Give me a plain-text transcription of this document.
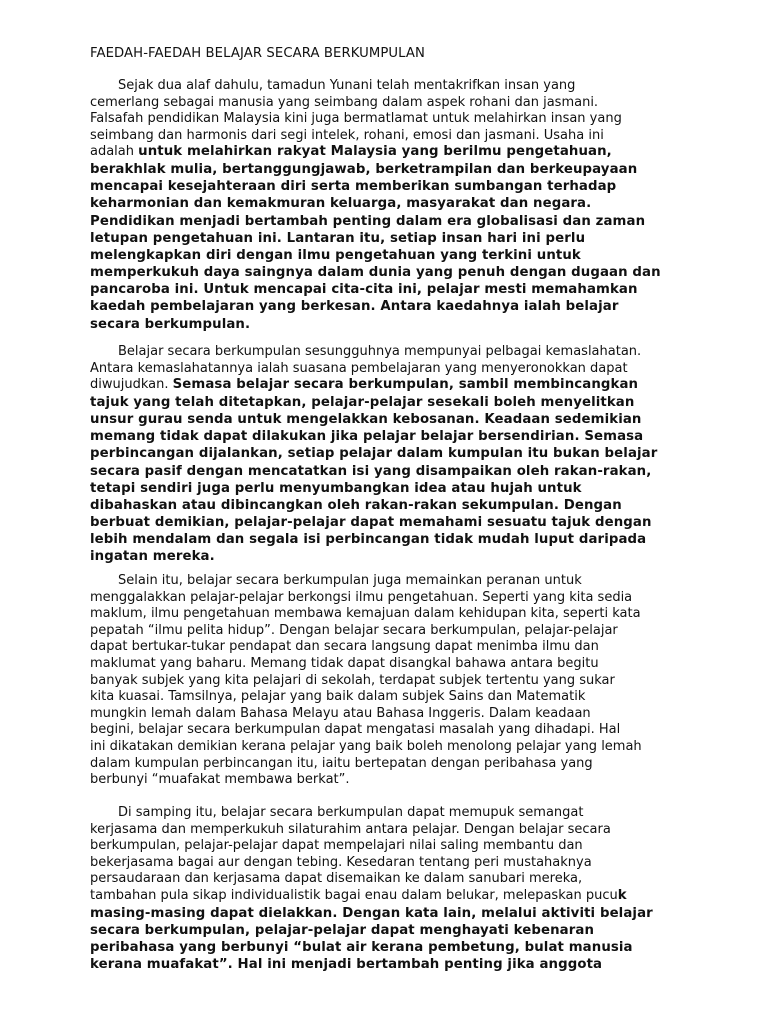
FAEDAH-FAEDAH BELAJAR SECARA BERKUMPULAN
Sejak dua alaf dahulu, tamadun Yunani telah mentakrifkan insan yang
cemerlang sebagai manusia yang seimbang dalam aspek rohani dan jasmani.
Falsafah pendidikan Malaysia kini juga bermatlamat untuk melahirkan insan yang
seimbang dan harmonis dari segi intelek, rohani, emosi dan jasmani. Usaha ini
adalah untuk melahirkan rakyat Malaysia yang berilmu pengetahuan,
berakhlak mulia, bertanggungjawab, berketrampilan dan berkeupayaan
mencapai kesejahteraan diri serta memberikan sumbangan terhadap
keharmonian dan kemakmuran keluarga, masyarakat dan negara.
Pendidikan menjadi bertambah penting dalam era globalisasi dan zaman
letupan pengetahuan ini. Lantaran itu, setiap insan hari ini perlu
melengkapkan diri dengan ilmu pengetahuan yang terkini untuk
memperkukuh daya saingnya dalam dunia yang penuh dengan dugaan dan
pancaroba ini. Untuk mencapai cita-cita ini, pelajar mesti memahamkan
kaedah pembelajaran yang berkesan. Antara kaedahnya ialah belajar
secara berkumpulan.
Belajar secara berkumpulan sesungguhnya mempunyai pelbagai kemaslahatan.
Antara kemaslahatannya ialah suasana pembelajaran yang menyeronokkan dapat
diwujudkan. Semasa belajar secara berkumpulan, sambil membincangkan
tajuk yang telah ditetapkan, pelajar-pelajar sesekali boleh menyelitkan
unsur gurau senda untuk mengelakkan kebosanan. Keadaan sedemikian
memang tidak dapat dilakukan jika pelajar belajar bersendirian. Semasa
perbincangan dijalankan, setiap pelajar dalam kumpulan itu bukan belajar
secara pasif dengan mencatatkan isi yang disampaikan oleh rakan-rakan,
tetapi sendiri juga perlu menyumbangkan idea atau hujah untuk
dibahaskan atau dibincangkan oleh rakan-rakan sekumpulan. Dengan
berbuat demikian, pelajar-pelajar dapat memahami sesuatu tajuk dengan
lebih mendalam dan segala isi perbincangan tidak mudah luput daripada
ingatan mereka.
Selain itu, belajar secara berkumpulan juga memainkan peranan untuk
menggalakkan pelajar-pelajar berkongsi ilmu pengetahuan. Seperti yang kita sedia
maklum, ilmu pengetahuan membawa kemajuan dalam kehidupan kita, seperti kata
pepatah “ilmu pelita hidup”. Dengan belajar secara berkumpulan, pelajar-pelajar
dapat bertukar-tukar pendapat dan secara langsung dapat menimba ilmu dan
maklumat yang baharu. Memang tidak dapat disangkal bahawa antara begitu
banyak subjek yang kita pelajari di sekolah, terdapat subjek tertentu yang sukar
kita kuasai. Tamsilnya, pelajar yang baik dalam subjek Sains dan Matematik
mungkin lemah dalam Bahasa Melayu atau Bahasa Inggeris. Dalam keadaan
begini, belajar secara berkumpulan dapat mengatasi masalah yang dihadapi. Hal
ini dikatakan demikian kerana pelajar yang baik boleh menolong pelajar yang lemah
dalam kumpulan perbincangan itu, iaitu bertepatan dengan peribahasa yang
berbunyi “muafakat membawa berkat”.
Di samping itu, belajar secara berkumpulan dapat memupuk semangat
kerjasama dan memperkukuh silaturahim antara pelajar. Dengan belajar secara
berkumpulan, pelajar-pelajar dapat mempelajari nilai saling membantu dan
bekerjasama bagai aur dengan tebing. Kesedaran tentang peri mustahaknya
persaudaraan dan kerjasama dapat disemaikan ke dalam sanubari mereka,
tambahan pula sikap individualistik bagai enau dalam belukar, melepaskan pucuk
masing-masing dapat dielakkan. Dengan kata lain, melalui aktiviti belajar
secara berkumpulan, pelajar-pelajar dapat menghayati kebenaran
peribahasa yang berbunyi “bulat air kerana pembetung, bulat manusia
kerana muafakat”. Hal ini menjadi bertambah penting jika anggota
